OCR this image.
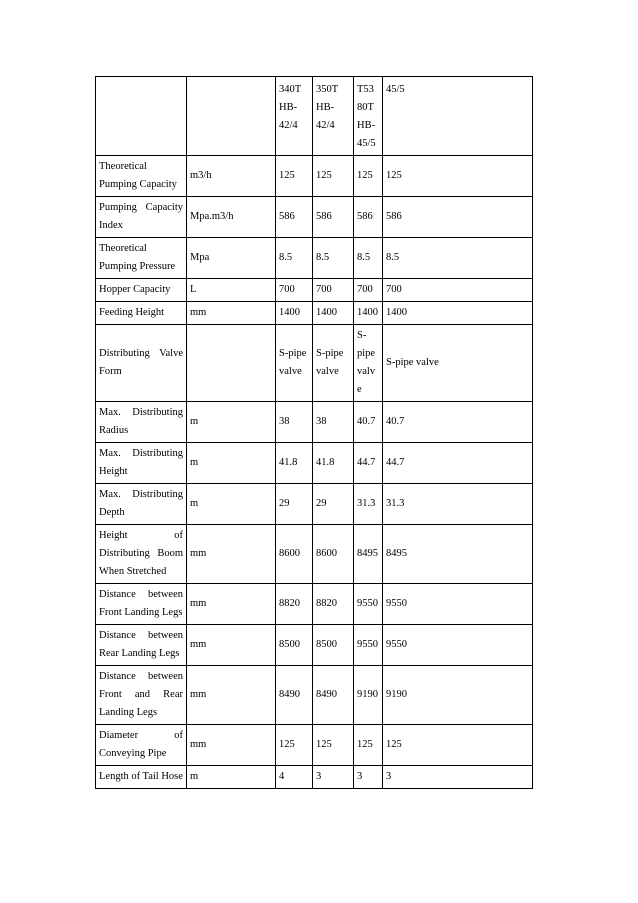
		340T
HB-
42/4	350T
HB-
42/4	T53
80T
HB-
45/5	45/5
Theoretical Pumping Capacity	m3/h	125	125	125	125
Pumping Capacity Index	Mpa.m3/h	586	586	586	586
Theoretical Pumping Pressure	Mpa	8.5	8.5	8.5	8.5
Hopper Capacity	L	700	700	700	700
Feeding Height	mm	1400	1400	1400	1400
Distributing Valve Form		S-pipe valve	S-pipe valve	S-pipe valve	S-pipe valve
Max. Distributing Radius	m	38	38	40.7	40.7
Max. Distributing Height	m	41.8	41.8	44.7	44.7
Max. Distributing Depth	m	29	29	31.3	31.3
Height of Distributing Boom When Stretched	mm	8600	8600	8495	8495
Distance between Front Landing Legs	mm	8820	8820	9550	9550
Distance between Rear Landing Legs	mm	8500	8500	9550	9550
Distance between Front and Rear Landing Legs	mm	8490	8490	9190	9190
Diameter of Conveying Pipe	mm	125	125	125	125
Length of Tail Hose	m	4	3	3	3
